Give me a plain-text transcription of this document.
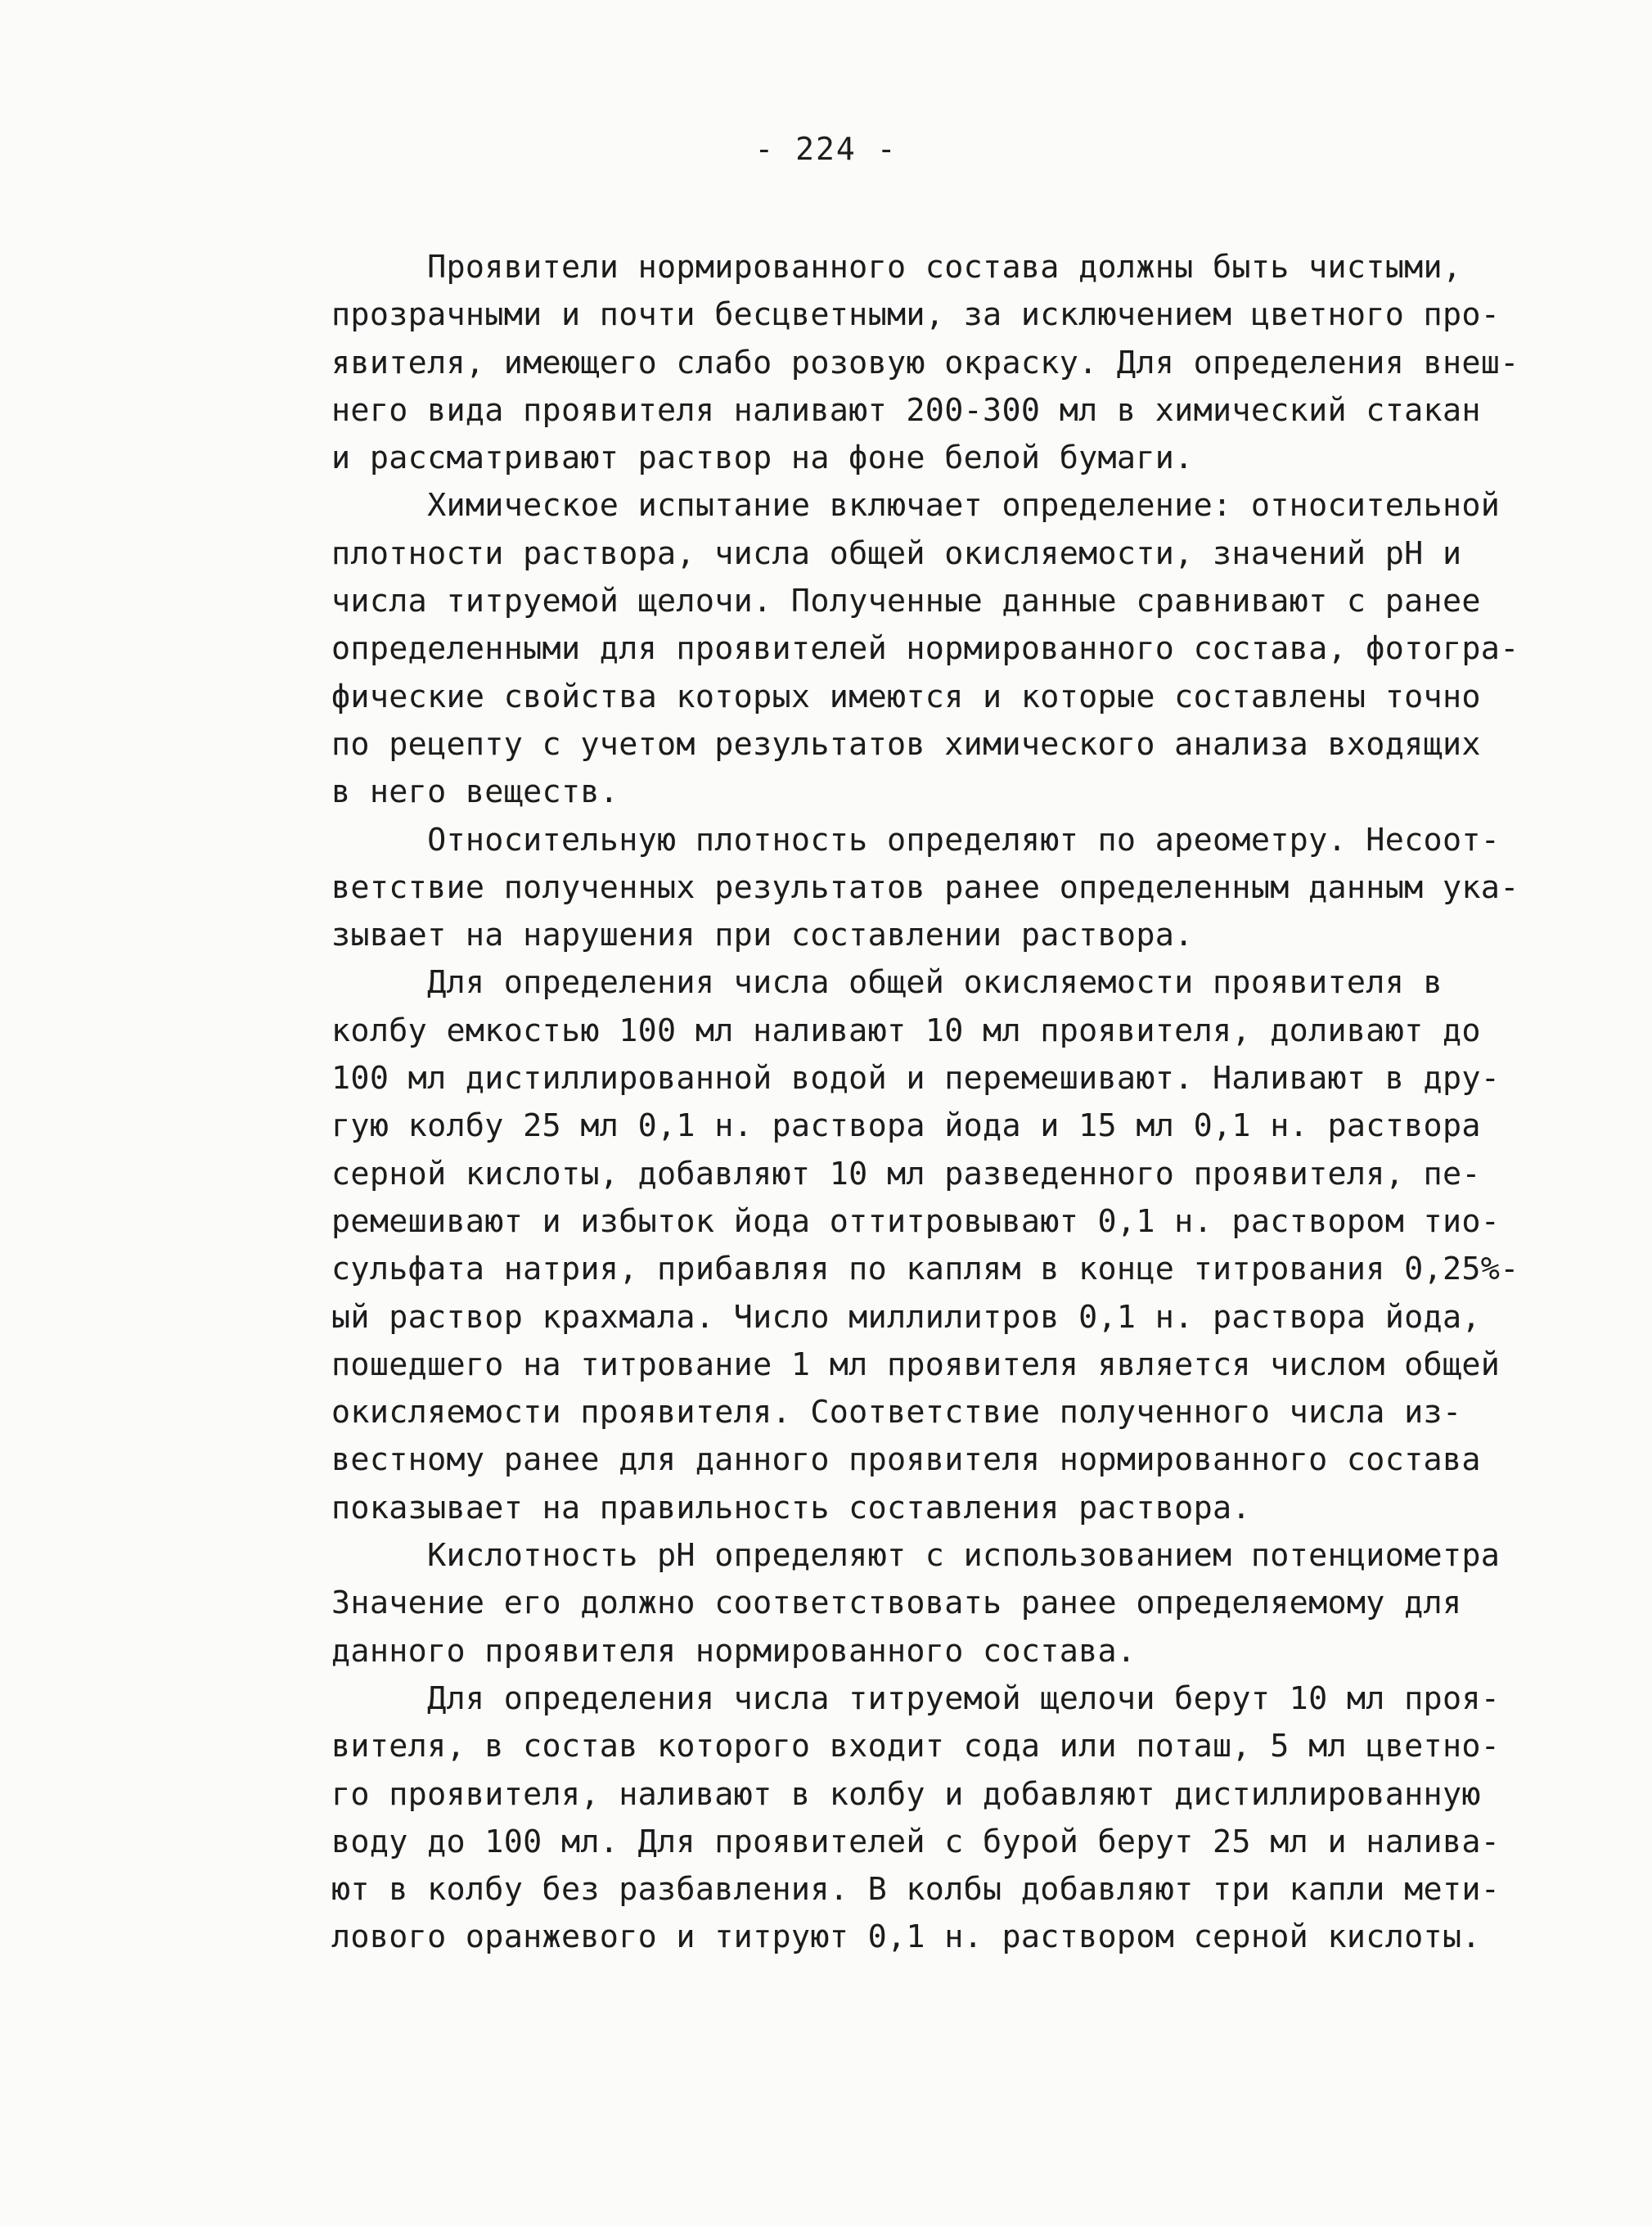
- 224 -
Проявители нормированного состава должны быть чистыми,
прозрачными и почти бесцветными, за исключением цветного про-
явителя, имеющего слабо розовую окраску. Для определения внеш-
него вида проявителя наливают 200-300 мл в химический стакан
и рассматривают раствор на фоне белой бумаги.
Химическое испытание включает определение: относительной
плотности раствора, числа общей окисляемости, значений pH и
числа титруемой щелочи. Полученные данные сравнивают с ранее
определенными для проявителей нормированного состава, фотогра-
фические свойства которых имеются и которые составлены точно
по рецепту с учетом результатов химического анализа входящих
в него веществ.
Относительную плотность определяют по ареометру. Несоот-
ветствие полученных результатов ранее определенным данным ука-
зывает на нарушения при составлении раствора.
Для определения числа общей окисляемости проявителя в
колбу емкостью 100 мл наливают 10 мл проявителя, доливают до
100 мл дистиллированной водой и перемешивают. Наливают в дру-
гую колбу 25 мл 0,1 н. раствора йода и 15 мл 0,1 н. раствора
серной кислоты, добавляют 10 мл разведенного проявителя, пе-
ремешивают и избыток йода оттитровывают 0,1 н. раствором тио-
сульфата натрия, прибавляя по каплям в конце титрования 0,25%-
ый раствор крахмала. Число миллилитров 0,1 н. раствора йода,
пошедшего на титрование 1 мл проявителя является числом общей
окисляемости проявителя. Соответствие полученного числа из-
вестному ранее для данного проявителя нормированного состава
показывает на правильность составления раствора.
Кислотность pH определяют с использованием потенциометра
Значение его должно соответствовать ранее определяемому для
данного проявителя нормированного состава.
Для определения числа титруемой щелочи берут 10 мл проя-
вителя, в состав которого входит сода или поташ, 5 мл цветно-
го проявителя, наливают в колбу и добавляют дистиллированную
воду до 100 мл. Для проявителей с бурой берут 25 мл и налива-
ют в колбу без разбавления. В колбы добавляют три капли мети-
лового оранжевого и титруют 0,1 н. раствором серной кислоты.
